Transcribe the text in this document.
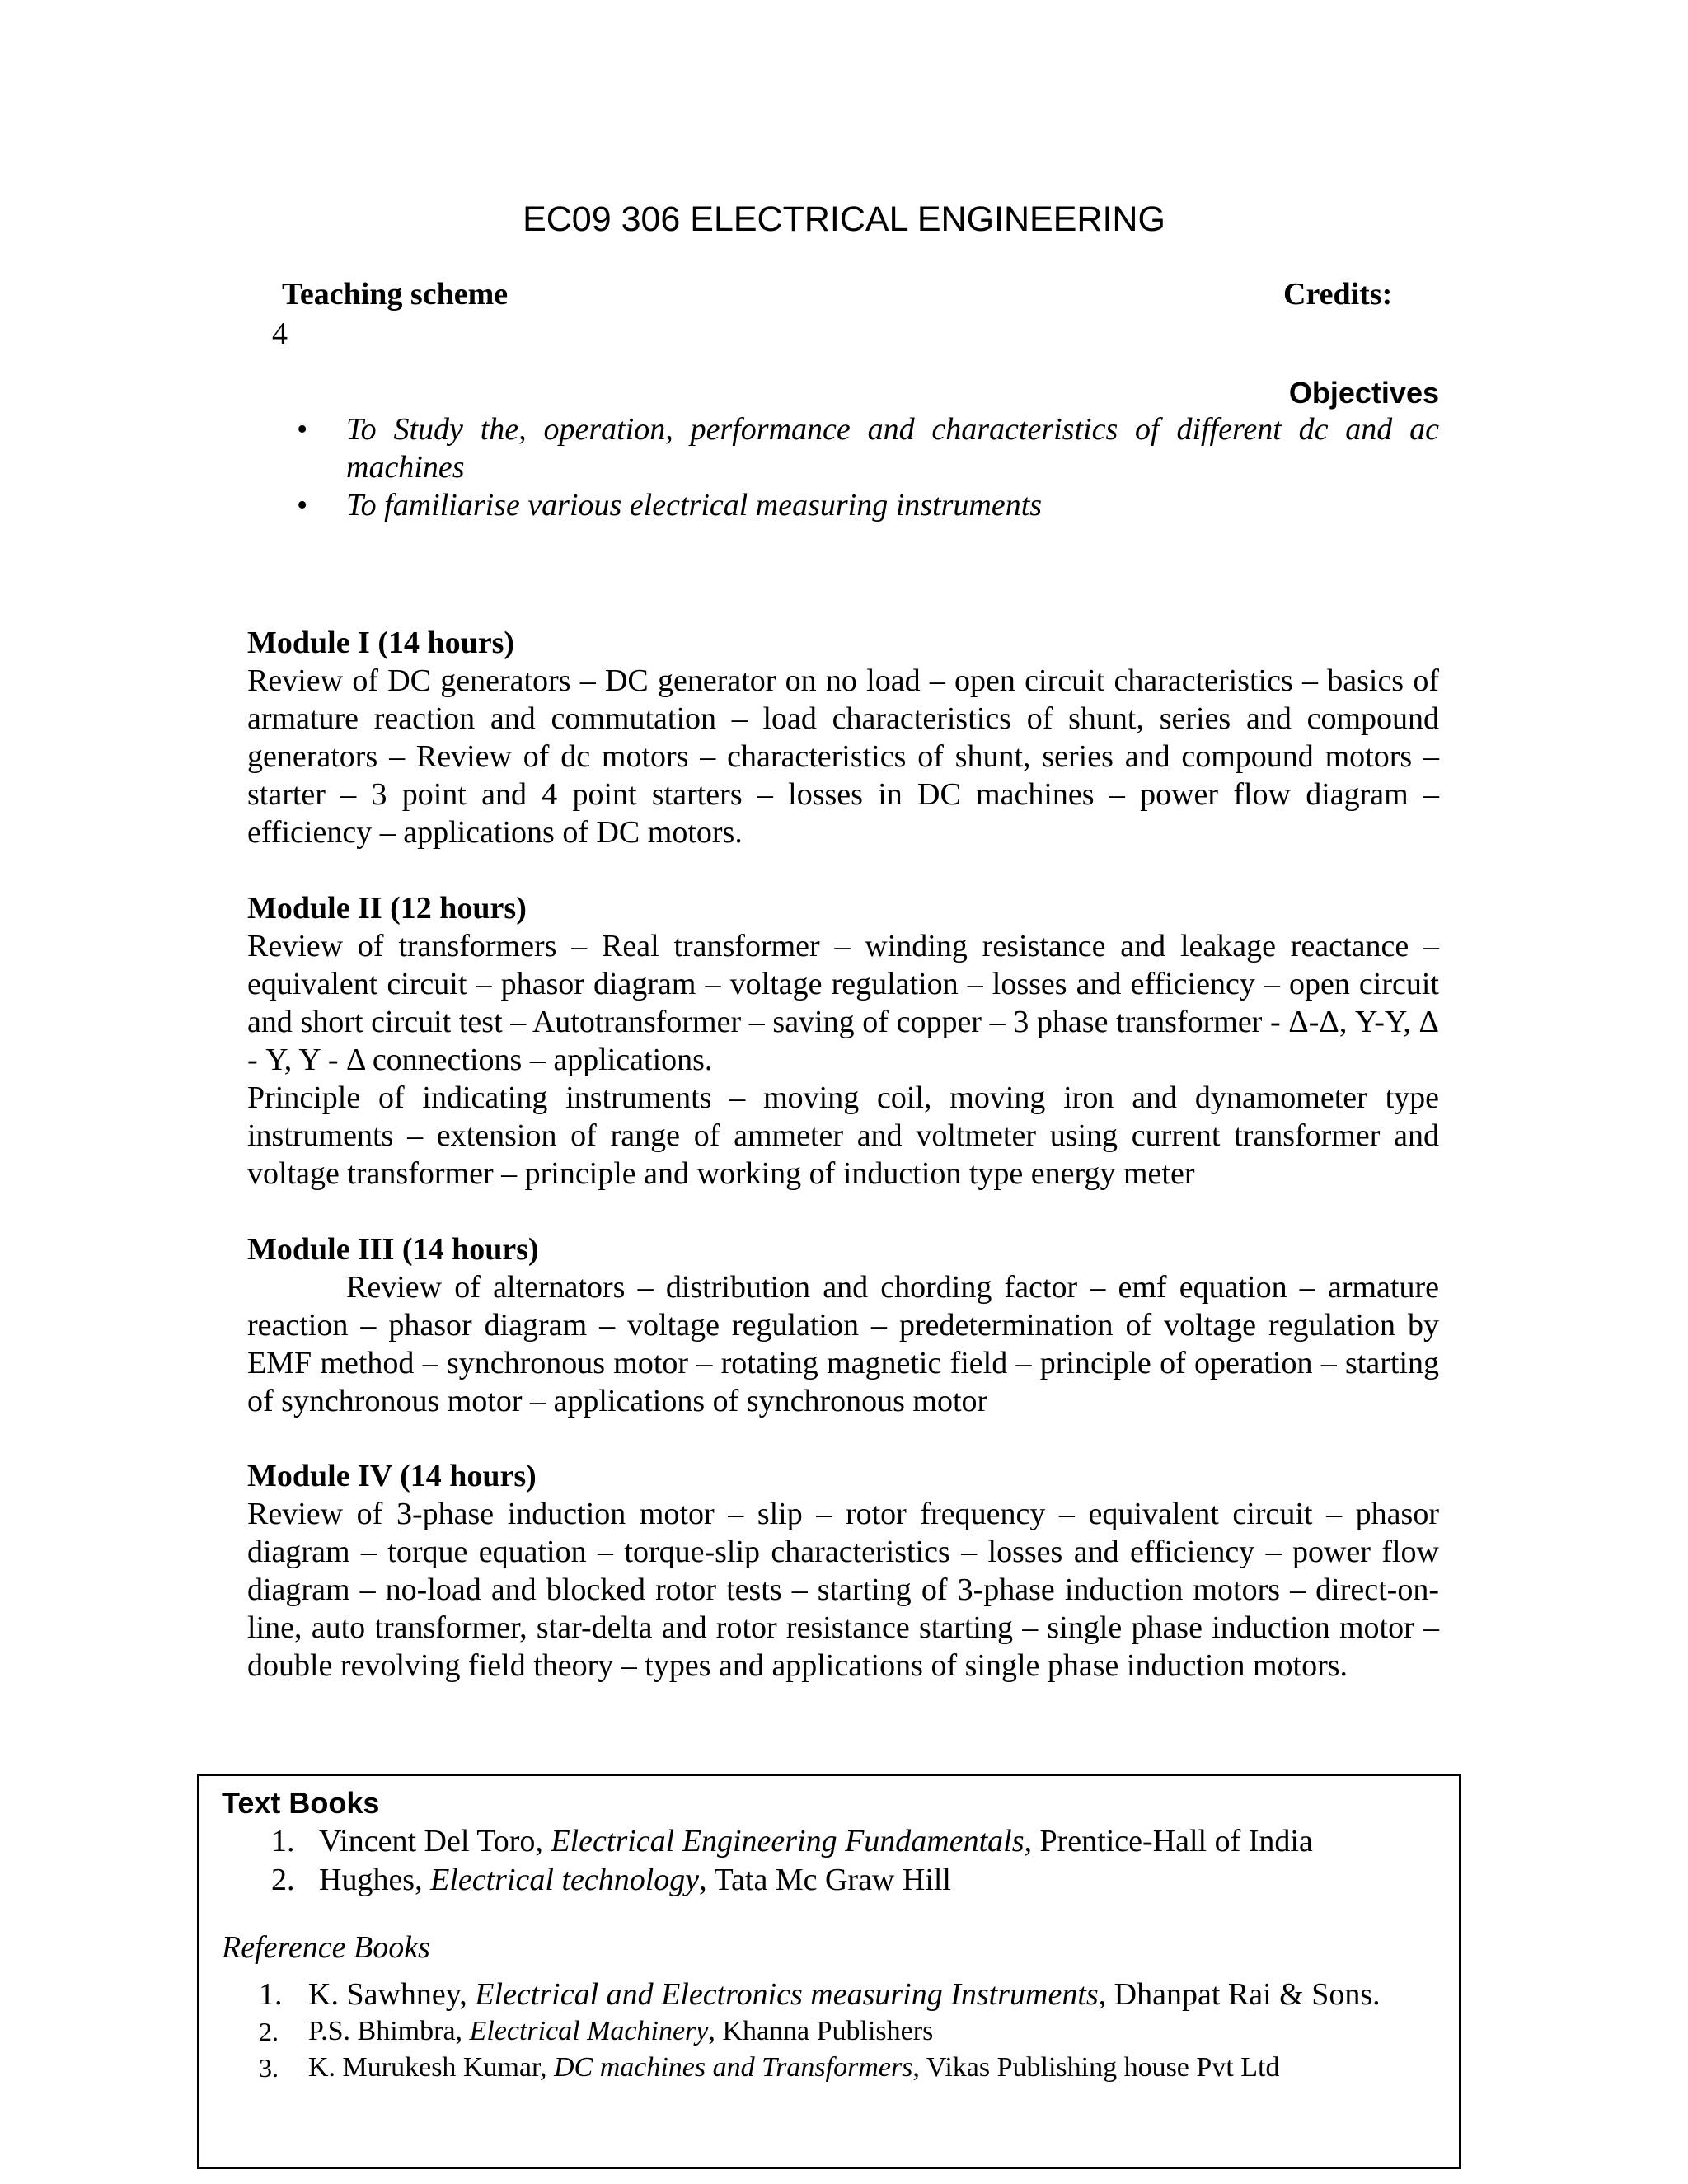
EC09 306 ELECTRICAL ENGINEERING
Teaching scheme	Credits:
4
Objectives
• To Study the, operation, performance and characteristics of different dc and ac machines
• To familiarise various electrical measuring instruments
Module I (14 hours)

Review of DC generators – DC generator on no load – open circuit characteristics – basics of armature reaction and commutation – load characteristics of shunt, series and compound generators – Review of dc motors – characteristics of shunt, series and compound motors – starter – 3 point and 4 point starters – losses in DC machines – power flow diagram – efficiency – applications of DC motors.

Module II (12 hours)

Review of transformers – Real transformer – winding resistance and leakage reactance – equivalent circuit – phasor diagram – voltage regulation – losses and efficiency – open circuit and short circuit test – Autotransformer – saving of copper – 3 phase transformer - Δ-Δ, Y-Y, Δ - Y, Y - Δ connections – applications.

Principle of indicating instruments – moving coil, moving iron and dynamometer type instruments – extension of range of ammeter and voltmeter using current transformer and voltage transformer – principle and working of induction type energy meter

Module III (14 hours)

Review of alternators – distribution and chording factor – emf equation – armature reaction – phasor diagram – voltage regulation – predetermination of voltage regulation by EMF method – synchronous motor – rotating magnetic field – principle of operation – starting of synchronous motor – applications of synchronous motor

Module IV (14 hours)

Review of 3-phase induction motor – slip – rotor frequency – equivalent circuit – phasor diagram – torque equation – torque-slip characteristics – losses and efficiency – power flow diagram – no-load and blocked rotor tests – starting of 3-phase induction motors – direct-on-line, auto transformer, star-delta and rotor resistance starting – single phase induction motor – double revolving field theory – types and applications of single phase induction motors.

Text Books
1. Vincent Del Toro, Electrical Engineering Fundamentals, Prentice-Hall of India
2. Hughes, Electrical technology, Tata Mc Graw Hill
Reference Books
1. K. Sawhney, Electrical and Electronics measuring Instruments, Dhanpat Rai & Sons.
2. P.S. Bhimbra, Electrical Machinery, Khanna Publishers
3. K. Murukesh Kumar, DC machines and Transformers, Vikas Publishing house Pvt Ltd
